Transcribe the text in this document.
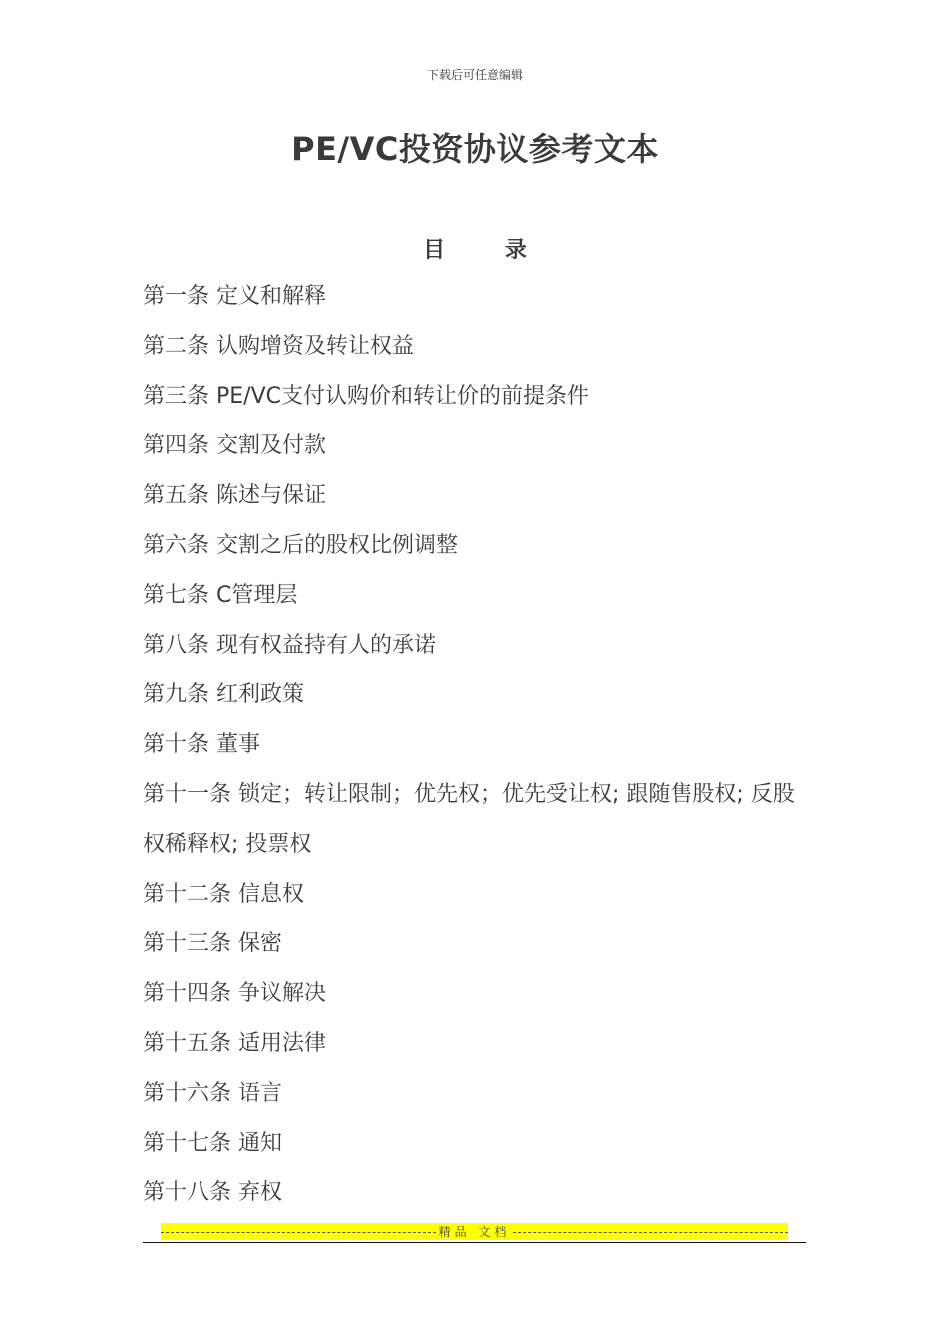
下载后可任意编辑
PE/VC投资协议参考文本
目 录
第一条 定义和解释
第二条 认购增资及转让权益
第三条 PE/VC支付认购价和转让价的前提条件
第四条 交割及付款
第五条 陈述与保证
第六条 交割之后的股权比例调整
第七条 C管理层
第八条 现有权益持有人的承诺
第九条 红利政策
第十条 董事
第十一条 锁定；转让限制；优先权；优先受让权; 跟随售股权; 反股权稀释权; 投票权
第十二条 信息权
第十三条 保密
第十四条 争议解决
第十五条 适用法律
第十六条 语言
第十七条 通知
第十八条 弃权
精品 文档
